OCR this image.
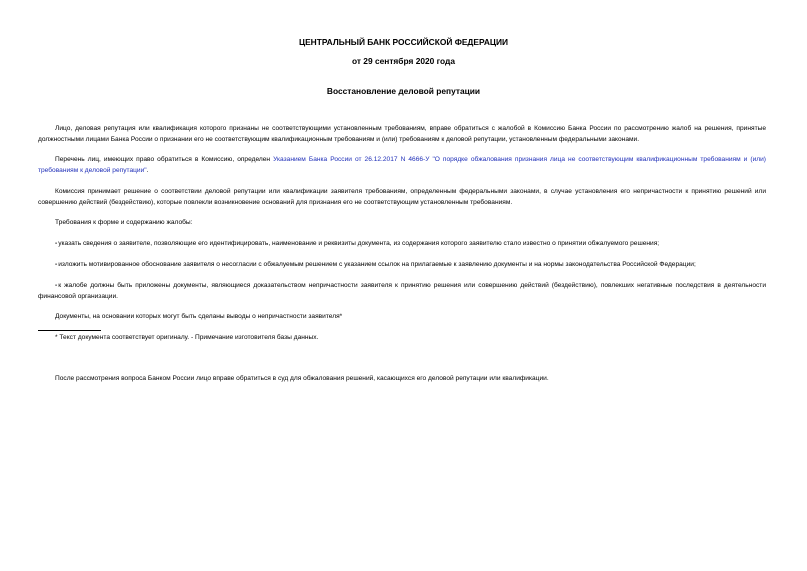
ЦЕНТРАЛЬНЫЙ БАНК РОССИЙСКОЙ ФЕДЕРАЦИИ
от 29 сентября 2020 года
Восстановление деловой репутации
Лицо, деловая репутация или квалификация которого признаны не соответствующими установленным требованиям, вправе обратиться с жалобой в Комиссию Банка России по рассмотрению жалоб на решения, принятые должностными лицами Банка России о признании его не соответствующим квалификационным требованиям и (или) требованиям к деловой репутации, установленным федеральными законами.
Перечень лиц, имеющих право обратиться в Комиссию, определен Указанием Банка России от 26.12.2017 N 4666-У "О порядке обжалования признания лица не соответствующим квалификационным требованиям и (или) требованиям к деловой репутации".
Комиссия принимает решение о соответствии деловой репутации или квалификации заявителя требованиям, определенным федеральными законами, в случае установления его непричастности к принятию решений или совершению действий (бездействию), которые повлекли возникновение оснований для признания его не соответствующим установленным требованиям.
Требования к форме и содержанию жалобы:
-указать сведения о заявителе, позволяющие его идентифицировать, наименование и реквизиты документа, из содержания которого заявителю стало известно о принятии обжалуемого решения;
-изложить мотивированное обоснование заявителя о несогласии с обжалуемым решением с указанием ссылок на прилагаемые к заявлению документы и на нормы законодательства Российской Федерации;
-к жалобе должны быть приложены документы, являющиеся доказательством непричастности заявителя к принятию решения или совершению действий (бездействию), повлекших негативные последствия в деятельности финансовой организации.
Документы, на основании которых могут быть сделаны выводы о непричастности заявителя*
* Текст документа соответствует оригиналу. - Примечание изготовителя базы данных.
После рассмотрения вопроса Банком России лицо вправе обратиться в суд для обжалования решений, касающихся его деловой репутации или квалификации.
